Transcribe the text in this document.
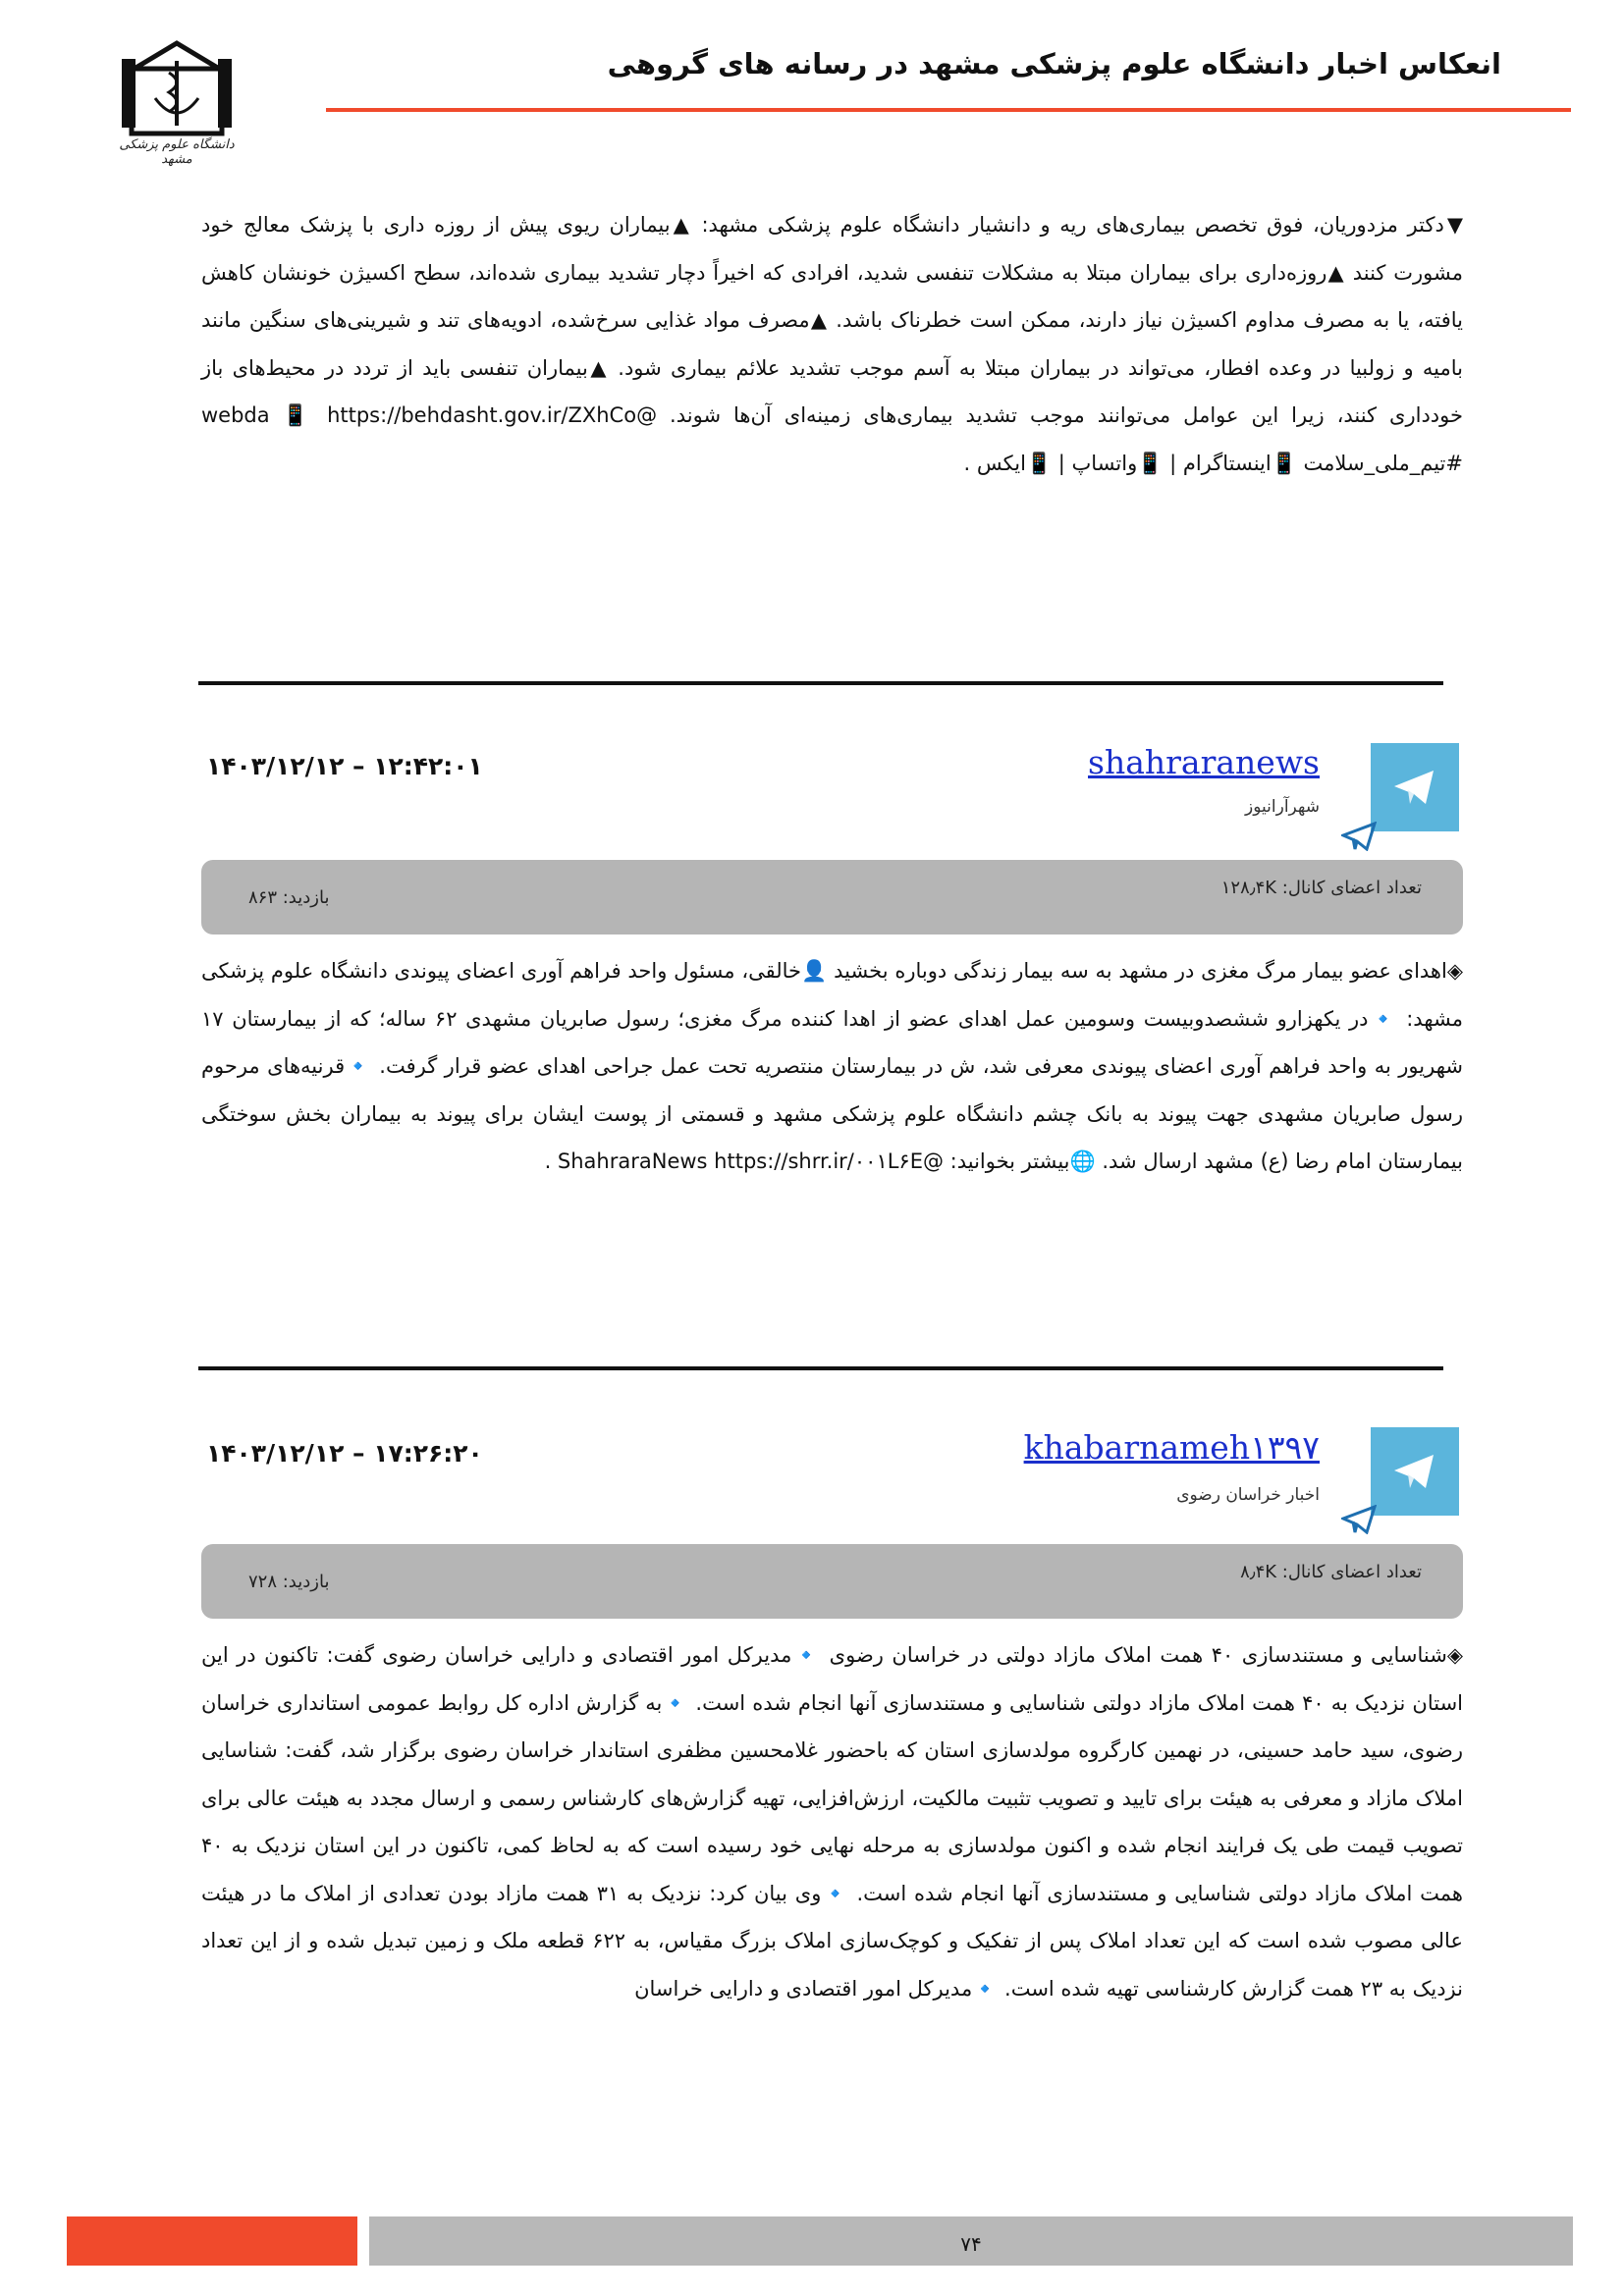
دانشگاه علوم پزشکی مشهد
انعکاس اخبار دانشگاه علوم پزشکی مشهد در رسانه های گروهی
▼دکتر مزدوریان، فوق تخصص بیماری‌های ریه و دانشیار دانشگاه علوم پزشکی مشهد: ▲بیماران ریوی پیش از روزه داری با پزشک معالج خود مشورت کنند ▲روزه‌داری برای بیماران مبتلا به مشکلات تنفسی شدید، افرادی که اخیراً دچار تشدید بیماری شده‌اند، سطح اکسیژن خونشان کاهش یافته، یا به مصرف مداوم اکسیژن نیاز دارند، ممکن است خطرناک باشد. ▲مصرف مواد غذایی سرخ‌شده، ادویه‌های تند و شیرینی‌های سنگین مانند بامیه و زولبیا در وعده افطار، می‌تواند در بیماران مبتلا به آسم موجب تشدید علائم بیماری شود. ▲بیماران تنفسی باید از تردد در محیط‌های باز خودداری کنند، زیرا این عوامل می‌توانند موجب تشدید بیماری‌های زمینه‌ای آن‌ها شوند. @webda 📱 https://behdasht.gov.ir/ZXhCo #تیم_ملی_سلامت 📱اینستاگرام | 📱واتساپ | 📱ایکس .
shahraranews
شهرآرانیوز
۱۴۰۳/۱۲/۱۲ – ۱۲:۴۲:۰۱
تعداد اعضای کانال: ۱۲۸٫۴K
بازدید: ۸۶۳
◈اهدای عضو بیمار مرگ مغزی در مشهد به سه بیمار زندگی دوباره بخشید 👤خالقی، مسئول واحد فراهم آوری اعضای پیوندی دانشگاه علوم پزشکی مشهد: 🔹در یکهزارو ششصدوبیست وسومین عمل اهدای عضو از اهدا کننده مرگ مغزی؛ رسول صابریان مشهدی ۶۲ ساله؛ که از بیمارستان ۱۷ شهریور به واحد فراهم آوری اعضای پیوندی معرفی شد، ش در بیمارستان منتصریه تحت عمل جراحی اهدای عضو قرار گرفت. 🔹قرنیه‌های مرحوم رسول صابریان مشهدی جهت پیوند به بانک چشم دانشگاه علوم پزشکی مشهد و قسمتی از پوست ایشان برای پیوند به بیماران بخش سوختگی بیمارستان امام رضا (ع) مشهد ارسال شد. 🌐بیشتر بخوانید: @ShahraraNews https://shrr.ir/۰۰۱L۶E .
khabarnameh۱۳۹۷
اخبار خراسان رضوی
۱۴۰۳/۱۲/۱۲ – ۱۷:۲۶:۲۰
تعداد اعضای کانال: ۸٫۴K
بازدید: ۷۲۸
◈شناسایی و مستندسازی ۴۰ همت املاک مازاد دولتی در خراسان رضوی 🔹مدیرکل امور اقتصادی و دارایی خراسان رضوی گفت: تاکنون در این استان نزدیک به ۴۰ همت املاک مازاد دولتی شناسایی و مستندسازی آنها انجام شده است. 🔹به گزارش اداره کل روابط عمومی استانداری خراسان رضوی، سید حامد حسینی، در نهمین کارگروه مولدسازی استان که باحضور غلامحسین مظفری استاندار خراسان رضوی برگزار شد، گفت: شناسایی املاک مازاد و معرفی به هیئت برای تایید و تصویب تثبیت مالکیت، ارزش‌افزایی، تهیه گزارش‌های کارشناس رسمی و ارسال مجدد به هیئت عالی برای تصویب قیمت طی یک فرایند انجام شده و اکنون مولدسازی به مرحله نهایی خود رسیده است که به لحاظ کمی، تاکنون در این استان نزدیک به ۴۰ همت املاک مازاد دولتی شناسایی و مستندسازی آنها انجام شده است. 🔹وی بیان کرد: نزدیک به ۳۱ همت مازاد بودن تعدادی از املاک ما در هیئت عالی مصوب شده است که این تعداد املاک پس از تفکیک و کوچک‌سازی املاک بزرگ مقیاس، به ۶۲۲ قطعه ملک و زمین تبدیل شده و از این تعداد نزدیک به ۲۳ همت گزارش کارشناسی تهیه شده است. 🔹مدیرکل امور اقتصادی و دارایی خراسان
۷۴
